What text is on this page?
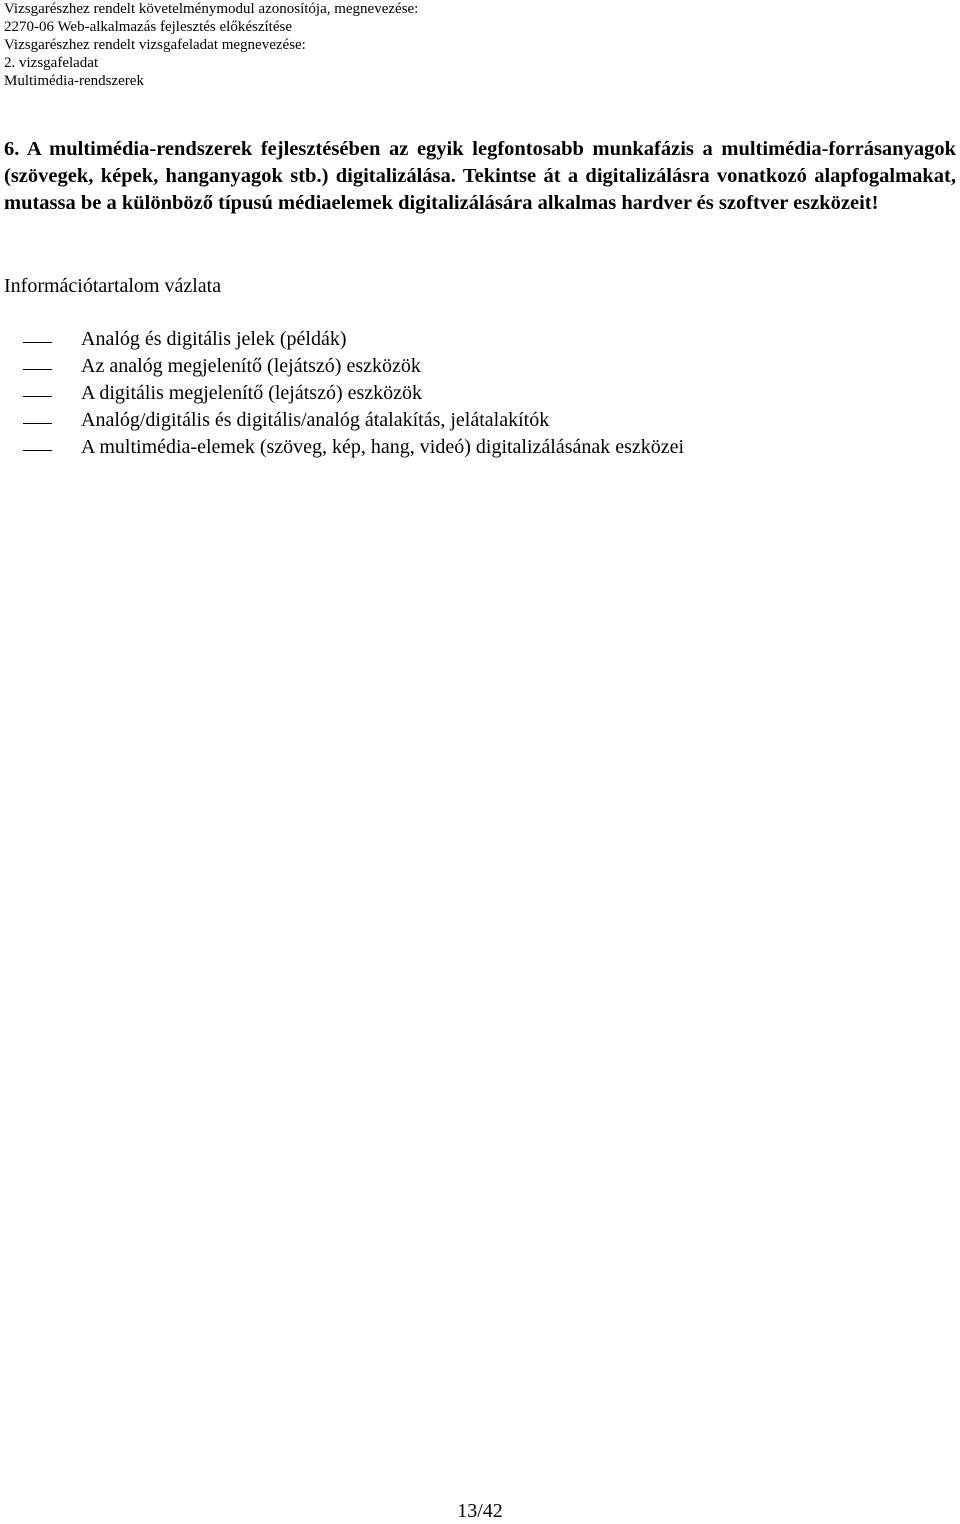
Vizsgarészhez rendelt követelménymodul azonosítója, megnevezése:
2270-06 Web-alkalmazás fejlesztés előkészítése
Vizsgarészhez rendelt vizsgafeladat megnevezése:
2. vizsgafeladat
Multimédia-rendszerek
6. A multimédia-rendszerek fejlesztésében az egyik legfontosabb munkafázis a multimédia-forrásanyagok (szövegek, képek, hanganyagok stb.) digitalizálása. Tekintse át a digitalizálásra vonatkozó alapfogalmakat, mutassa be a különböző típusú médiaelemek digitalizálására alkalmas hardver és szoftver eszközeit!
Információtartalom vázlata
Analóg és digitális jelek (példák)
Az analóg megjelenítő (lejátszó) eszközök
A digitális megjelenítő (lejátszó) eszközök
Analóg/digitális és digitális/analóg átalakítás, jelátalakítók
A multimédia-elemek (szöveg, kép, hang, videó) digitalizálásának eszközei
13/42
